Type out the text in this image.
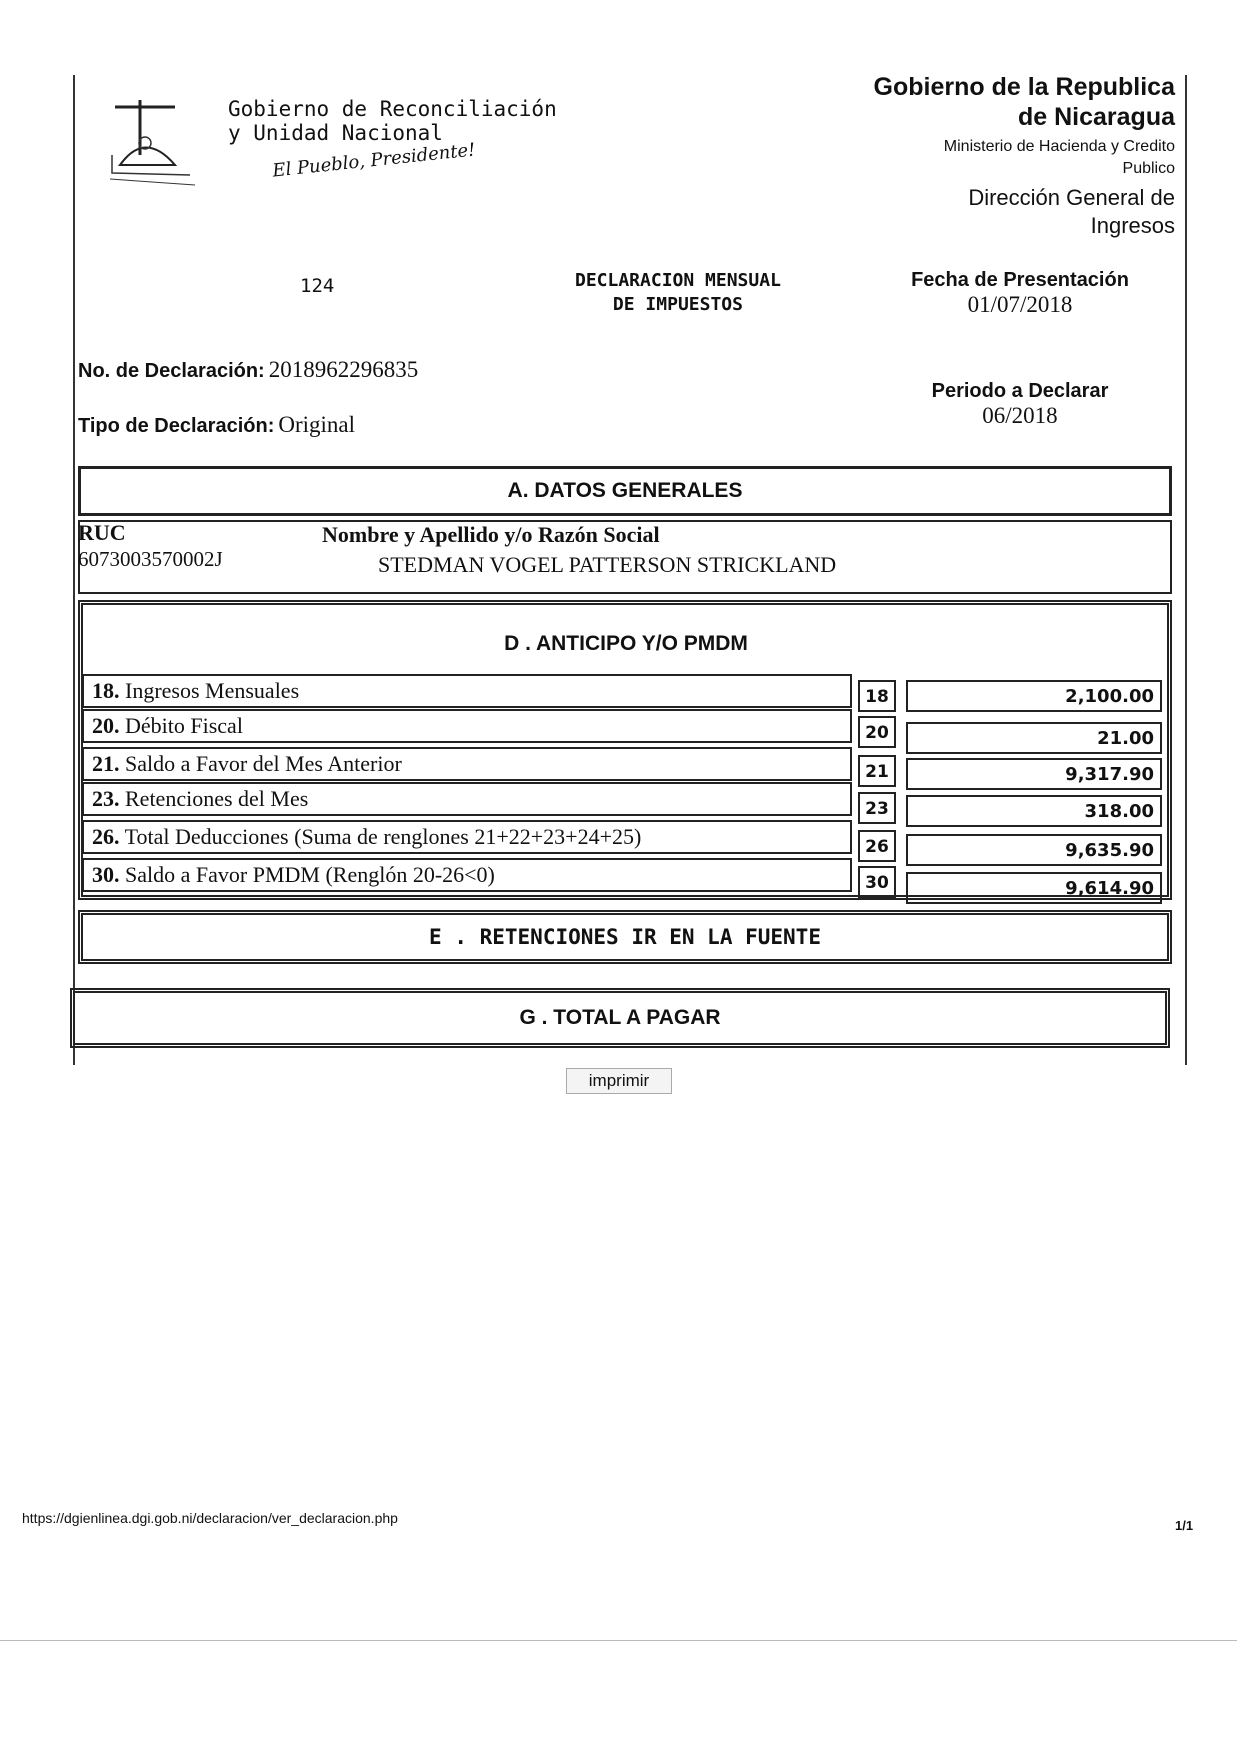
Gobierno de Reconciliación
y Unidad Nacional
El Pueblo, Presidente!
Gobierno de la Republica
de Nicaragua
Ministerio de Hacienda y Credito
Publico
Dirección General de
Ingresos
124	DECLARACION MENSUAL
DE IMPUESTOS
Fecha de Presentación
01/07/2018
No. de Declaración: 2018962296835
Tipo de Declaración: Original
Periodo a Declarar
06/2018
A. DATOS GENERALES
RUC
6073003570002J
Nombre y Apellido y/o Razón Social
STEDMAN VOGEL PATTERSON STRICKLAND
D . ANTICIPO Y/O PMDM
18. Ingresos Mensuales	18	2,100.00
20. Débito Fiscal	20	21.00
21. Saldo a Favor del Mes Anterior	21	9,317.90
23. Retenciones del Mes	23	318.00
26. Total Deducciones (Suma de renglones 21+22+23+24+25)	26	9,635.90
30. Saldo a Favor PMDM (Renglón 20-26<0)	30	9,614.90
E . RETENCIONES IR EN LA FUENTE
G . TOTAL A PAGAR
imprimir
https://dgienlinea.dgi.gob.ni/declaracion/ver_declaracion.php	1/1
